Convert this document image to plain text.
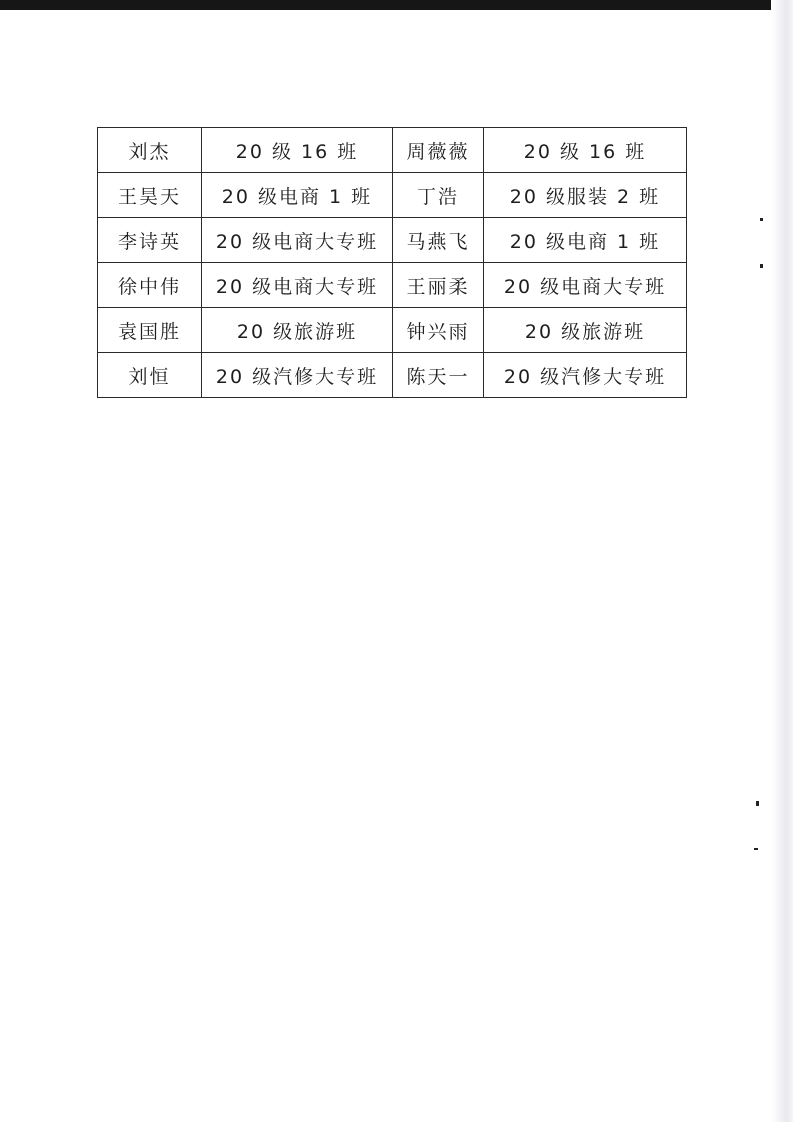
刘杰	20 级 16 班	周薇薇	20 级 16 班
王昊天	20 级电商 1 班	丁浩	20 级服装 2 班
李诗英	20 级电商大专班	马燕飞	20 级电商 1 班
徐中伟	20 级电商大专班	王丽柔	20 级电商大专班
袁国胜	20 级旅游班	钟兴雨	20 级旅游班
刘恒	20 级汽修大专班	陈天一	20 级汽修大专班
